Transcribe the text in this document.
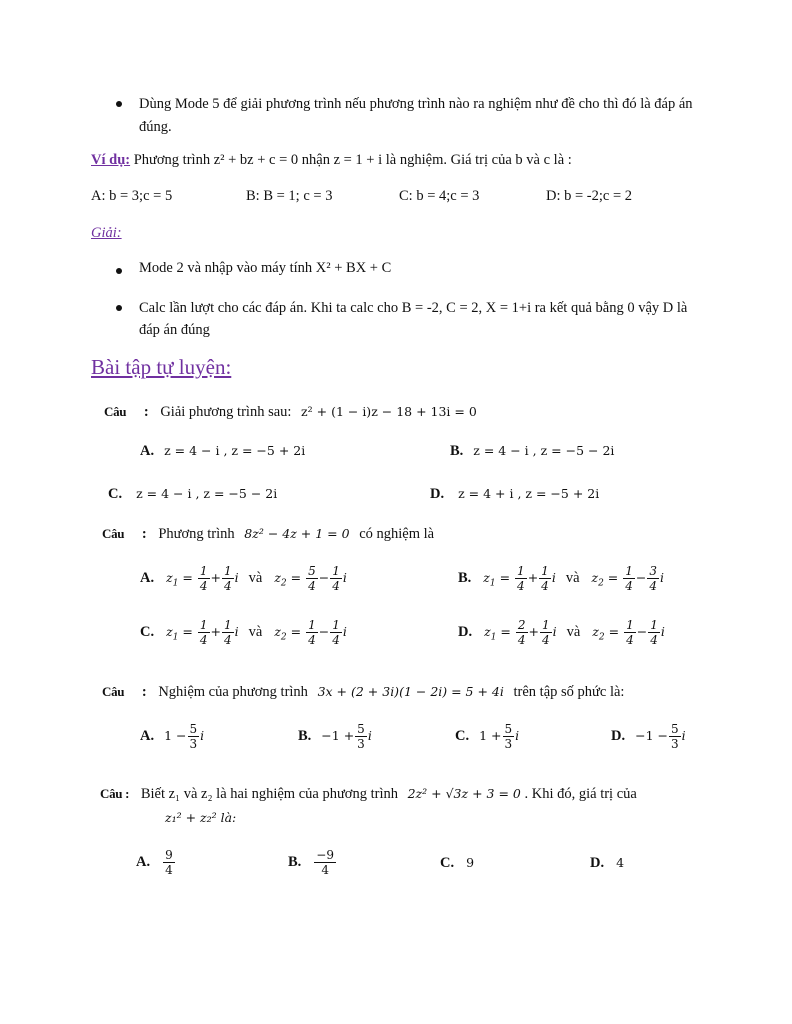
Dùng Mode 5 để giải phương trình nếu phương trình nào ra nghiệm như đề cho thì đó là đáp án đúng.
Ví dụ: Phương trình z² + bz + c = 0 nhận z = 1 + i là nghiệm. Giá trị của b và c là :
A: b = 3;c = 5	B: B = 1; c = 3	C: b = 4;c = 3	D: b = -2;c = 2
Giải:
Mode 2 và nhập vào máy tính X² + BX + C
Calc lần lượt cho các đáp án. Khi ta calc cho B = -2, C = 2, X = 1+i ra kết quả bằng 0 vậy D là đáp án đúng
Bài tập tự luyện:
Câu : Giải phương trình sau: z² + (1 − i)z − 18 + 13i = 0
A. z = 4 − i , z = −5 + 2i	B. z = 4 − i , z = −5 − 2i
C. z = 4 − i , z = −5 − 2i	D. z = 4 + i , z = −5 + 2i
Câu : Phương trình 8z² − 4z + 1 = 0 có nghiệm là
A. $z_1 = \frac{1}{4} + \frac{1}{4}$ i và $z_2 = \frac{5}{4} - \frac{1}{4}$ i	B. $z_1 = \frac{1}{4} + \frac{1}{4}$ i và $z_2 = \frac{1}{4} - \frac{3}{4}$ i
C. $z_1 = \frac{1}{4} + \frac{1}{4}$ i và $z_2 = \frac{1}{4} - \frac{1}{4}$ i	D. $z_1 = \frac{2}{4} + \frac{1}{4}$ i và $z_2 = \frac{1}{4} - \frac{1}{4}$ i
Câu : Nghiệm của phương trình 3x + (2 + 3i)(1 − 2i) = 5 + 4i trên tập số phức là:
A. $1 - \frac{5}{3}$ i	B. $-1 + \frac{5}{3}$ i	C. $1 + \frac{5}{3}$ i	D. $-1 - \frac{5}{3}$ i
Câu : Biết z₁ và z₂ là hai nghiệm của phương trình 2z² + √3z + 3 = 0 . Khi đó, giá trị của
z₁² + z₂² là:
A. $\frac{9}{4}$	B. $\frac{-9}{4}$	C. 9	D. 4
